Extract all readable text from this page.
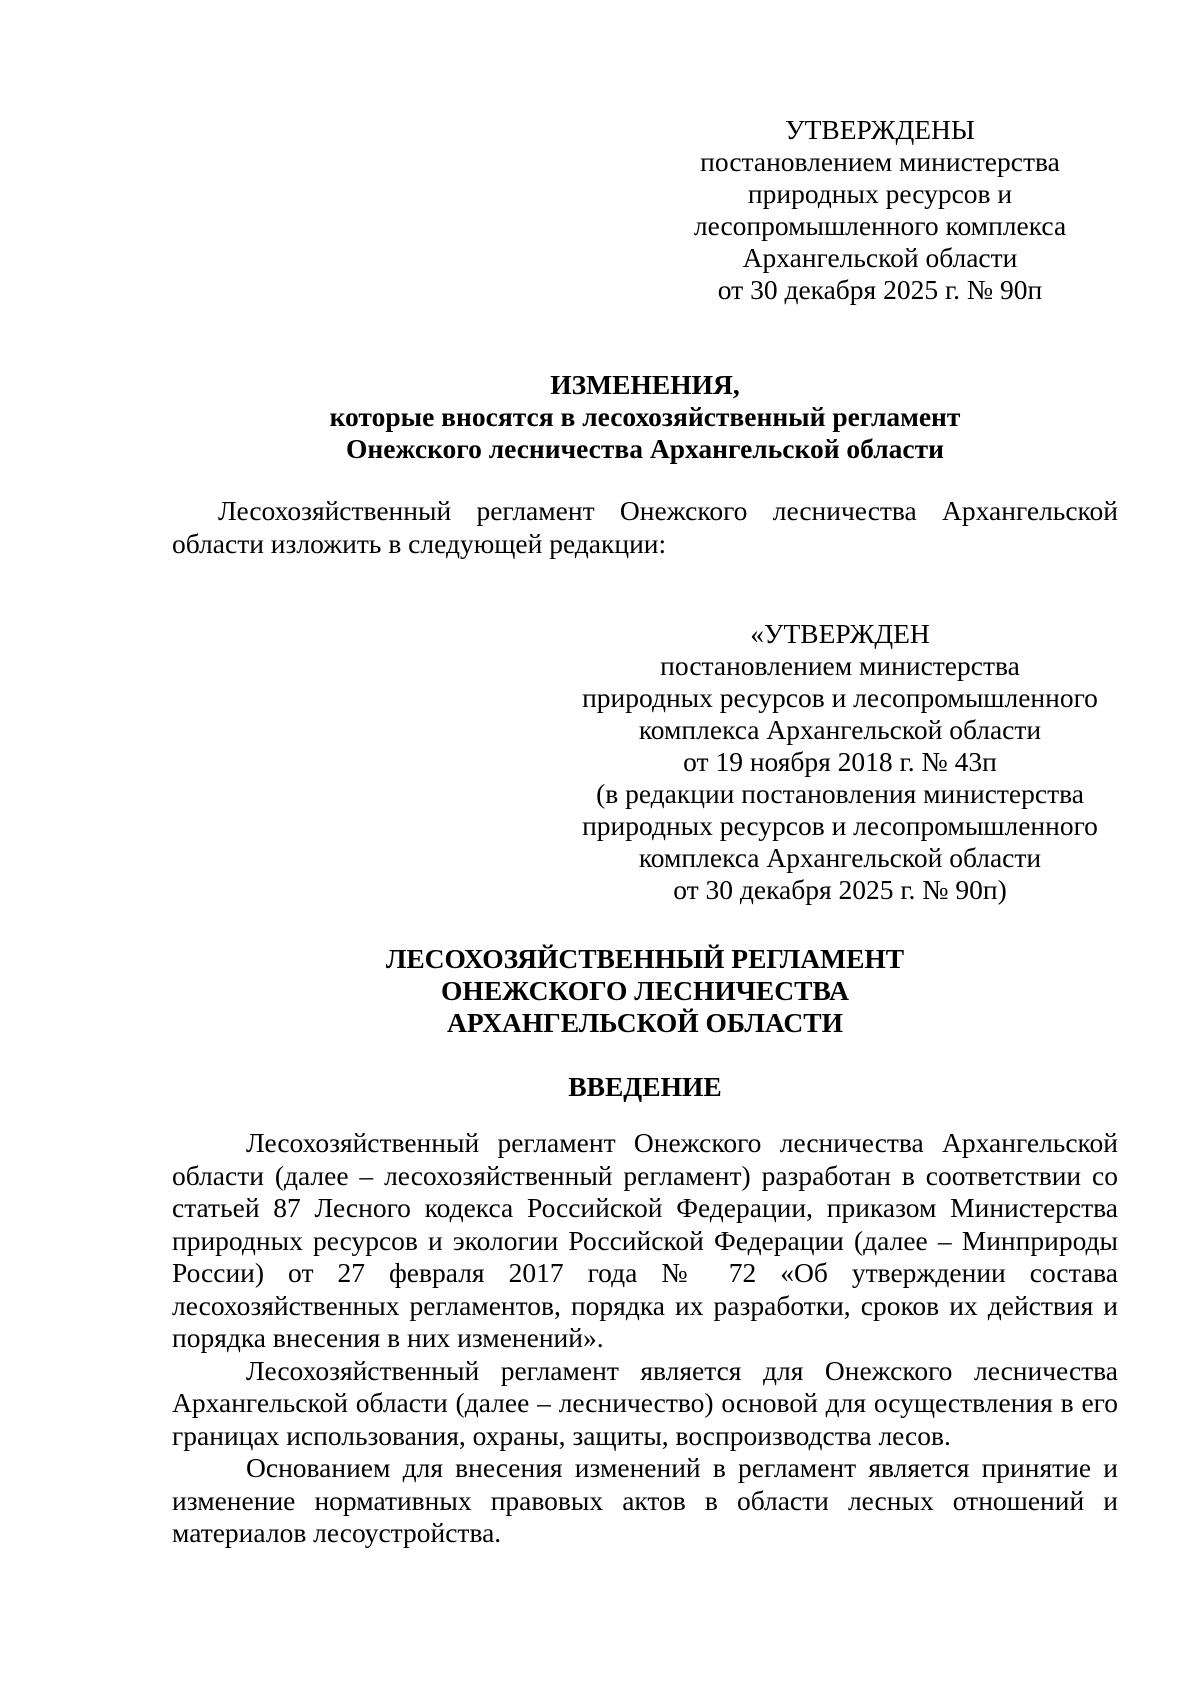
УТВЕРЖДЕНЫ
постановлением министерства
природных ресурсов и
лесопромышленного комплекса
Архангельской области
от 30 декабря 2025 г. № 90п
ИЗМЕНЕНИЯ,
которые вносятся в лесохозяйственный регламент
Онежского лесничества Архангельской области

Лесохозяйственный регламент Онежского лесничества Архангельской области изложить в следующей редакции:

«УТВЕРЖДЕН
постановлением министерства
природных ресурсов и лесопромышленного
комплекса Архангельской области
от 19 ноября 2018 г. № 43п
(в редакции постановления министерства
природных ресурсов и лесопромышленного
комплекса Архангельской области
от 30 декабря 2025 г. № 90п)
ЛЕСОХОЗЯЙСТВЕННЫЙ РЕГЛАМЕНТ
ОНЕЖСКОГО ЛЕСНИЧЕСТВА
АРХАНГЕЛЬСКОЙ ОБЛАСТИ
ВВЕДЕНИЕ

Лесохозяйственный регламент Онежского лесничества Архангельской области (далее – лесохозяйственный регламент) разработан в соответствии со статьей 87 Лесного кодекса Российской Федерации, приказом Министерства природных ресурсов и экологии Российской Федерации (далее – Минприроды России) от 27 февраля 2017 года № 72 «Об утверждении состава лесохозяйственных регламентов, порядка их разработки, сроков их действия и порядка внесения в них изменений».

Лесохозяйственный регламент является для Онежского лесничества Архангельской области (далее – лесничество) основой для осуществления в его границах использования, охраны, защиты, воспроизводства лесов.

Основанием для внесения изменений в регламент является принятие и изменение нормативных правовых актов в области лесных отношений и материалов лесоустройства.
